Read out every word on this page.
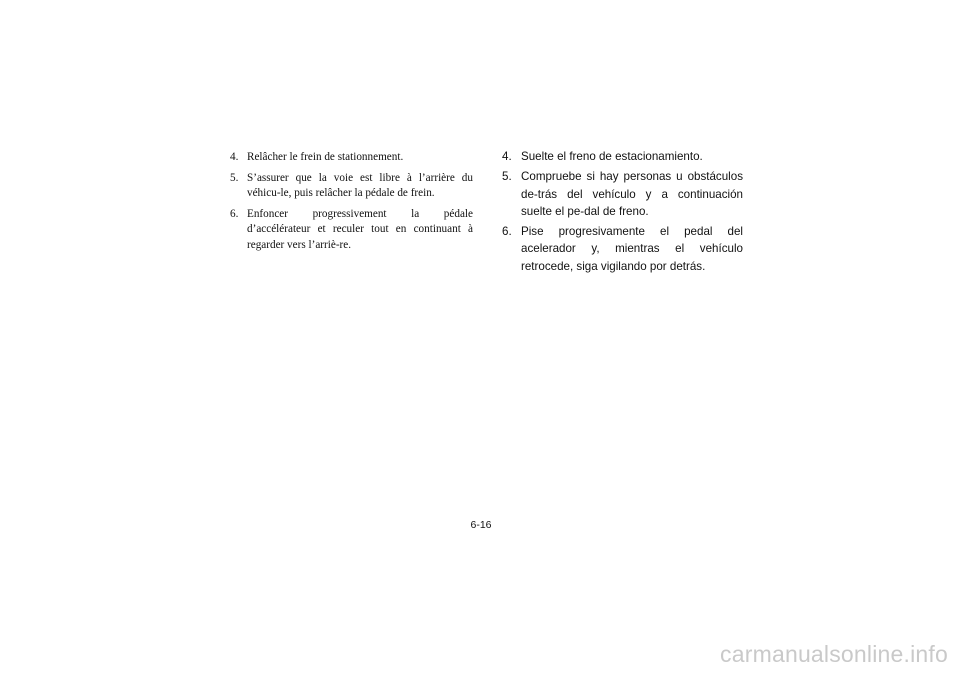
4. Relâcher le frein de stationnement.
5. S’assurer que la voie est libre à l’arrière du véhicu-le, puis relâcher la pédale de frein.
6. Enfoncer progressivement la pédale d’accélérateur et reculer tout en continuant à regarder vers l’arriè-re.
4. Suelte el freno de estacionamiento.
5. Compruebe si hay personas u obstáculos de-trás del vehículo y a continuación suelte el pe-dal de freno.
6. Pise progresivamente el pedal del acelerador y, mientras el vehículo retrocede, siga vigilando por detrás.
6-16
carmanualsonline.info
